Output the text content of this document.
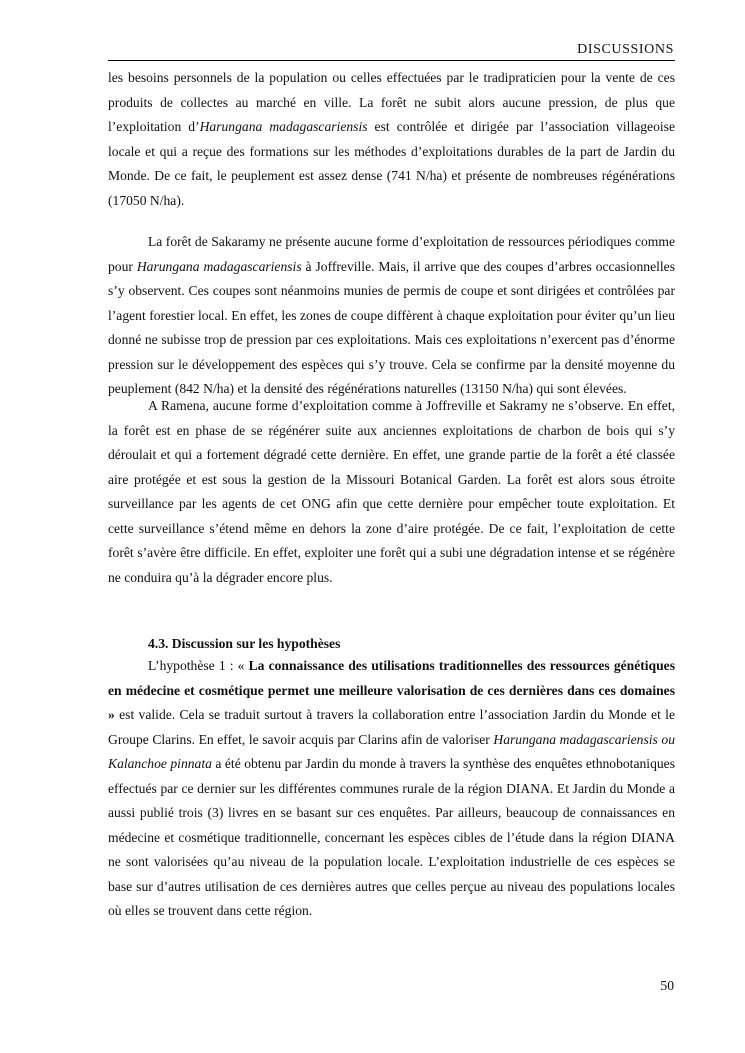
DISCUSSIONS

les besoins personnels de la population ou celles effectuées par le tradipraticien pour la vente de ces produits de collectes au marché en ville. La forêt ne subit alors aucune pression, de plus que l’exploitation d’Harungana madagascariensis est contrôlée et dirigée par l’association villageoise locale et qui a reçue des formations sur les méthodes d’exploitations durables de la part de Jardin du Monde. De ce fait, le peuplement est assez dense (741 N/ha) et présente de nombreuses régénérations (17050 N/ha).

La forêt de Sakaramy ne présente aucune forme d’exploitation de ressources périodiques comme pour Harungana madagascariensis à Joffreville. Mais, il arrive que des coupes d’arbres occasionnelles s’y observent. Ces coupes sont néanmoins munies de permis de coupe et sont dirigées et contrôlées par l’agent forestier local. En effet, les zones de coupe diffèrent à chaque exploitation pour éviter qu’un lieu donné ne subisse trop de pression par ces exploitations. Mais ces exploitations n’exercent pas d’énorme pression sur le développement des espèces qui s’y trouve. Cela se confirme par la densité moyenne du peuplement (842 N/ha) et la densité des régénérations naturelles (13150 N/ha) qui sont élevées.

A Ramena, aucune forme d’exploitation comme à Joffreville et Sakramy ne s’observe. En effet, la forêt est en phase de se régénérer suite aux anciennes exploitations de charbon de bois qui s’y déroulait et qui a fortement dégradé cette dernière. En effet, une grande partie de la forêt a été classée aire protégée et est sous la gestion de la Missouri Botanical Garden. La forêt est alors sous étroite surveillance par les agents de cet ONG afin que cette dernière pour empêcher toute exploitation. Et cette surveillance s’étend même en dehors la zone d’aire protégée. De ce fait, l’exploitation de cette forêt s’avère être difficile. En effet, exploiter une forêt qui a subi une dégradation intense et se régénère ne conduira qu’à la dégrader encore plus.

4.3. Discussion sur les hypothèses

L’hypothèse 1 : « La connaissance des utilisations traditionnelles des ressources génétiques en médecine et cosmétique permet une meilleure valorisation de ces dernières dans ces domaines » est valide. Cela se traduit surtout à travers la collaboration entre l’association Jardin du Monde et le Groupe Clarins. En effet, le savoir acquis par Clarins afin de valoriser Harungana madagascariensis ou Kalanchoe pinnata a été obtenu par Jardin du monde à travers la synthèse des enquêtes ethnobotaniques effectués par ce dernier sur les différentes communes rurale de la région DIANA. Et Jardin du Monde a aussi publié trois (3) livres en se basant sur ces enquêtes. Par ailleurs, beaucoup de connaissances en médecine et cosmétique traditionnelle, concernant les espèces cibles de l’étude dans la région DIANA ne sont valorisées qu’au niveau de la population locale. L’exploitation industrielle de ces espèces se base sur d’autres utilisation de ces dernières autres que celles perçue au niveau des populations locales où elles se trouvent dans cette région.

50
